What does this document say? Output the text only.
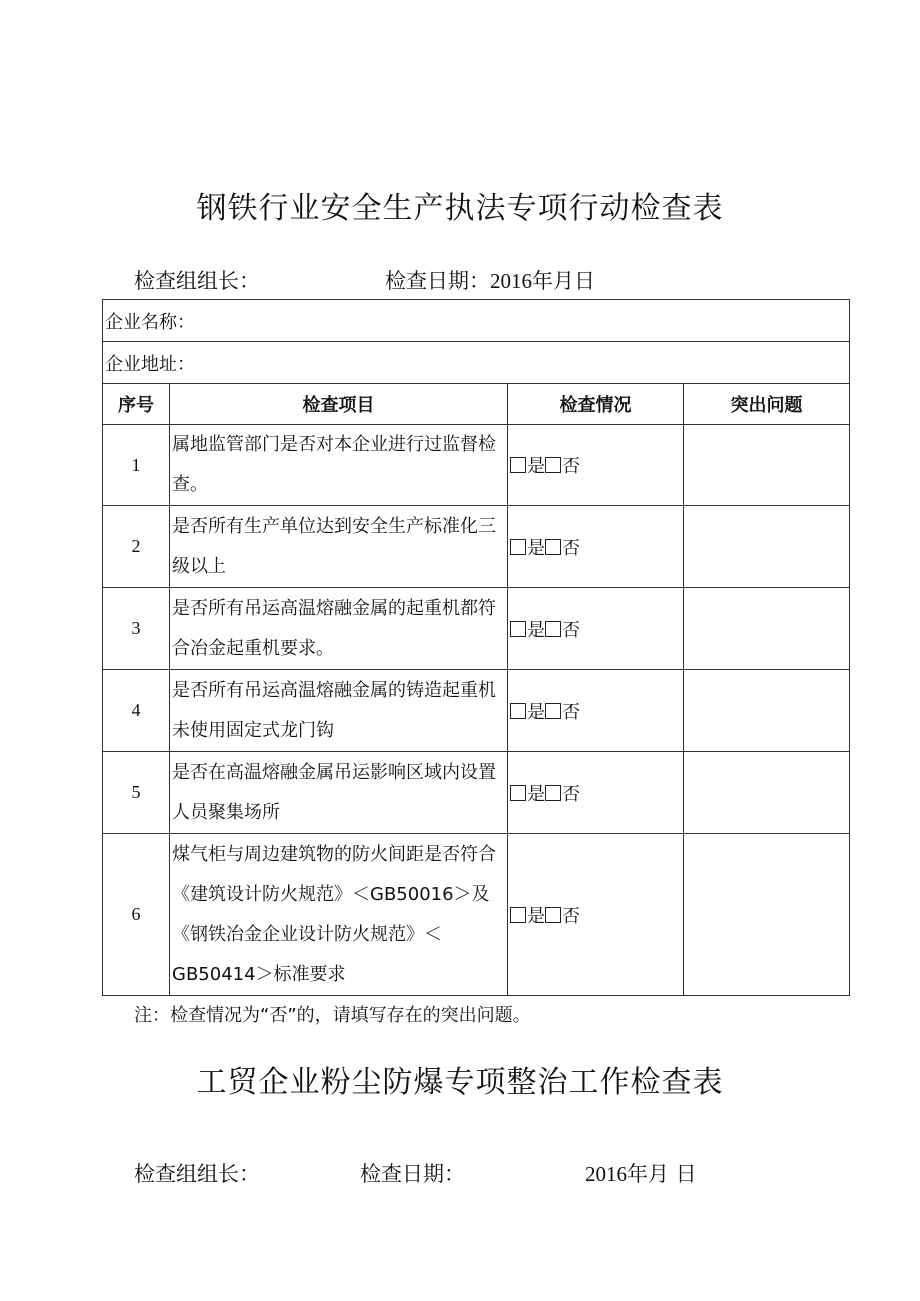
钢铁行业安全生产执法专项行动检查表
检查组组长：	检查日期：2016年月日
企业名称：			
企业地址：			
序号	检查项目	检查情况	突出问题
1	属地监管部门是否对本企业进行过监督检查。	是 否	
2	是否所有生产单位达到安全生产标准化三级以上	是 否	
3	是否所有吊运高温熔融金属的起重机都符合冶金起重机要求。	是 否	
4	是否所有吊运高温熔融金属的铸造起重机未使用固定式龙门钩	是 否	
5	是否在高温熔融金属吊运影响区域内设置人员聚集场所	是 否	
6	煤气柜与周边建筑物的防火间距是否符合《建筑设计防火规范》＜GB50016＞及《钢铁冶金企业设计防火规范》＜GB50414＞标准要求	是 否	
注：检查情况为“否”的，请填写存在的突出问题。
工贸企业粉尘防爆专项整治工作检查表
检查组组长：	检查日期：	2016年月 日
